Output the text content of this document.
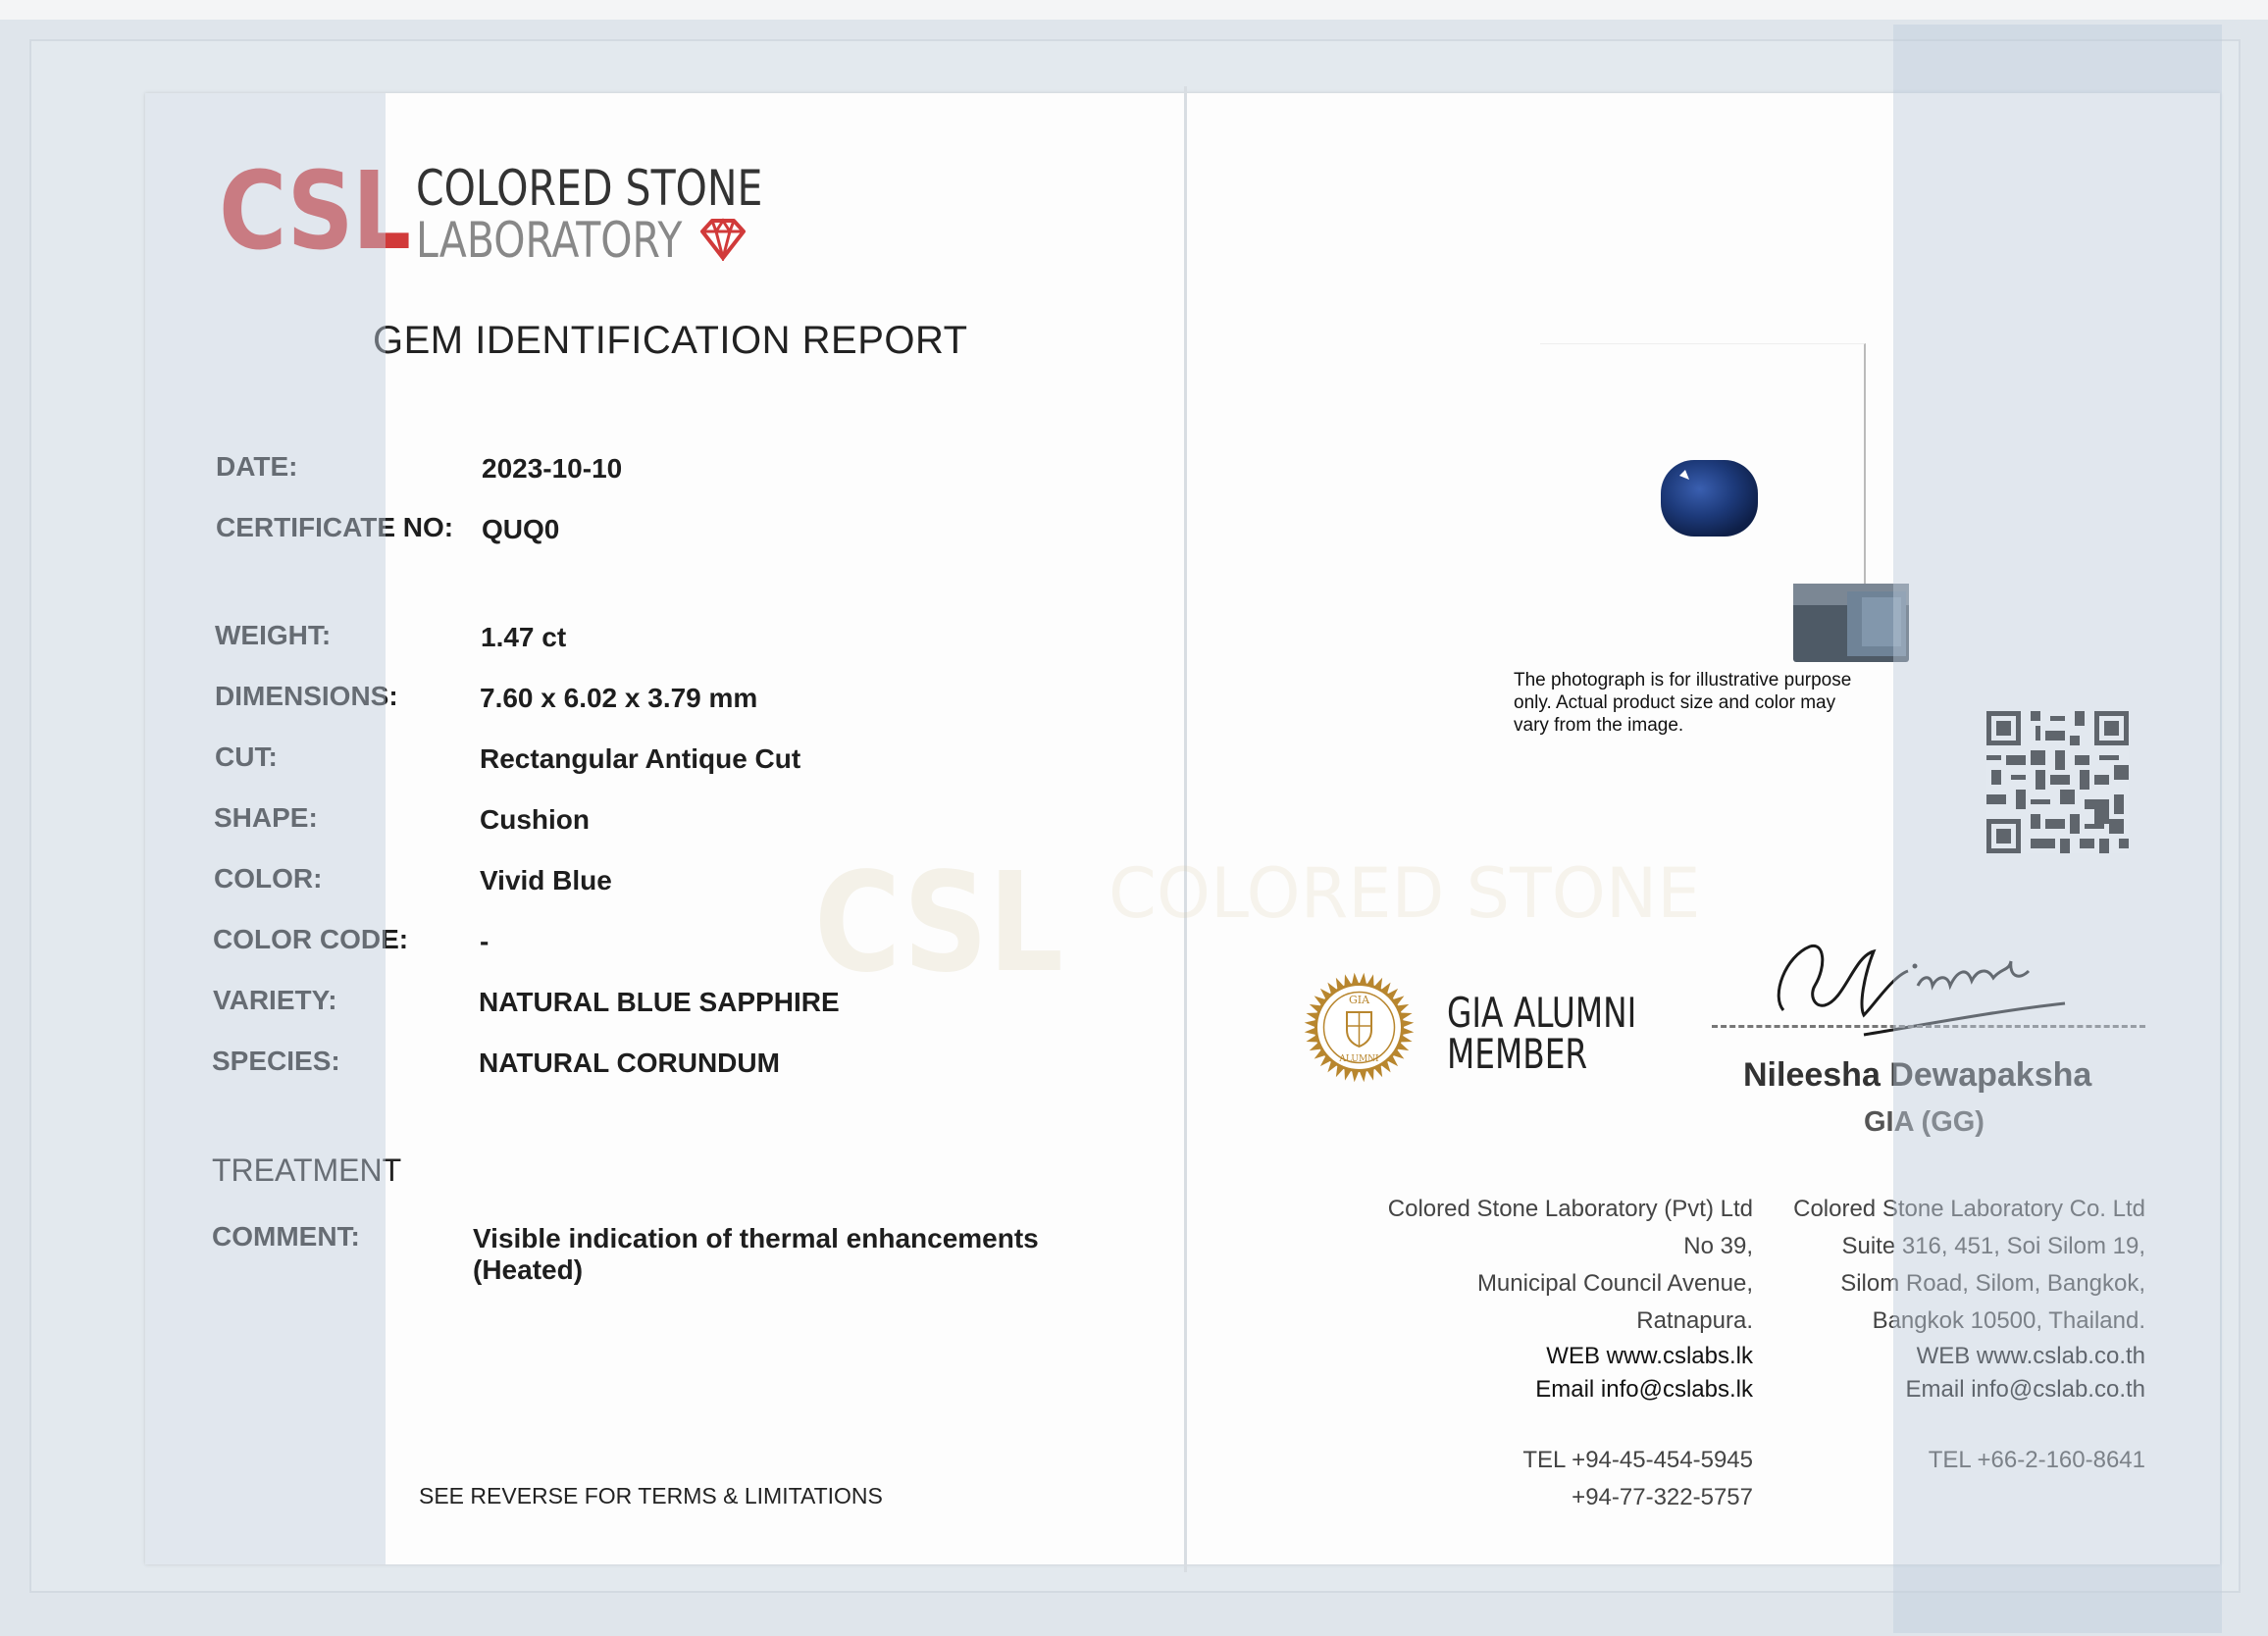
CSL COLORED STONE
LABORATORY
GEM IDENTIFICATION REPORT
DATE:	2023-10-10
CERTIFICATE NO: QUQ0
WEIGHT:	1.47 ct
DIMENSIONS:	7.60 x 6.02 x 3.79 mm
CUT:	Rectangular Antique Cut
SHAPE:	Cushion
COLOR:	Vivid Blue
COLOR CODE:	-
VARIETY:	NATURAL BLUE SAPPHIRE
SPECIES:	NATURAL CORUNDUM
TREATMENT
COMMENT:	Visible indication of thermal enhancements
(Heated)
SEE REVERSE FOR TERMS & LIMITATIONS
CSL COLORED STONE
The photograph is for illustrative purpose
only. Actual product size and color may
vary from the image.
GIA
ALUMNI
GIA ALUMNI
MEMBER	Nileesha Dewapaksha
GIA (GG)
Colored Stone Laboratory (Pvt) Ltd
No 39,
Municipal Council Avenue,
Ratnapura.
WEB www.cslabs.lk
Email info@cslabs.lk
TEL +94-45-454-5945
+94-77-322-5757
Colored Stone Laboratory Co. Ltd
Suite 316, 451, Soi Silom 19,
Silom Road, Silom, Bangkok,
Bangkok 10500, Thailand.
WEB www.cslab.co.th
Email info@cslab.co.th
TEL +66-2-160-8641
